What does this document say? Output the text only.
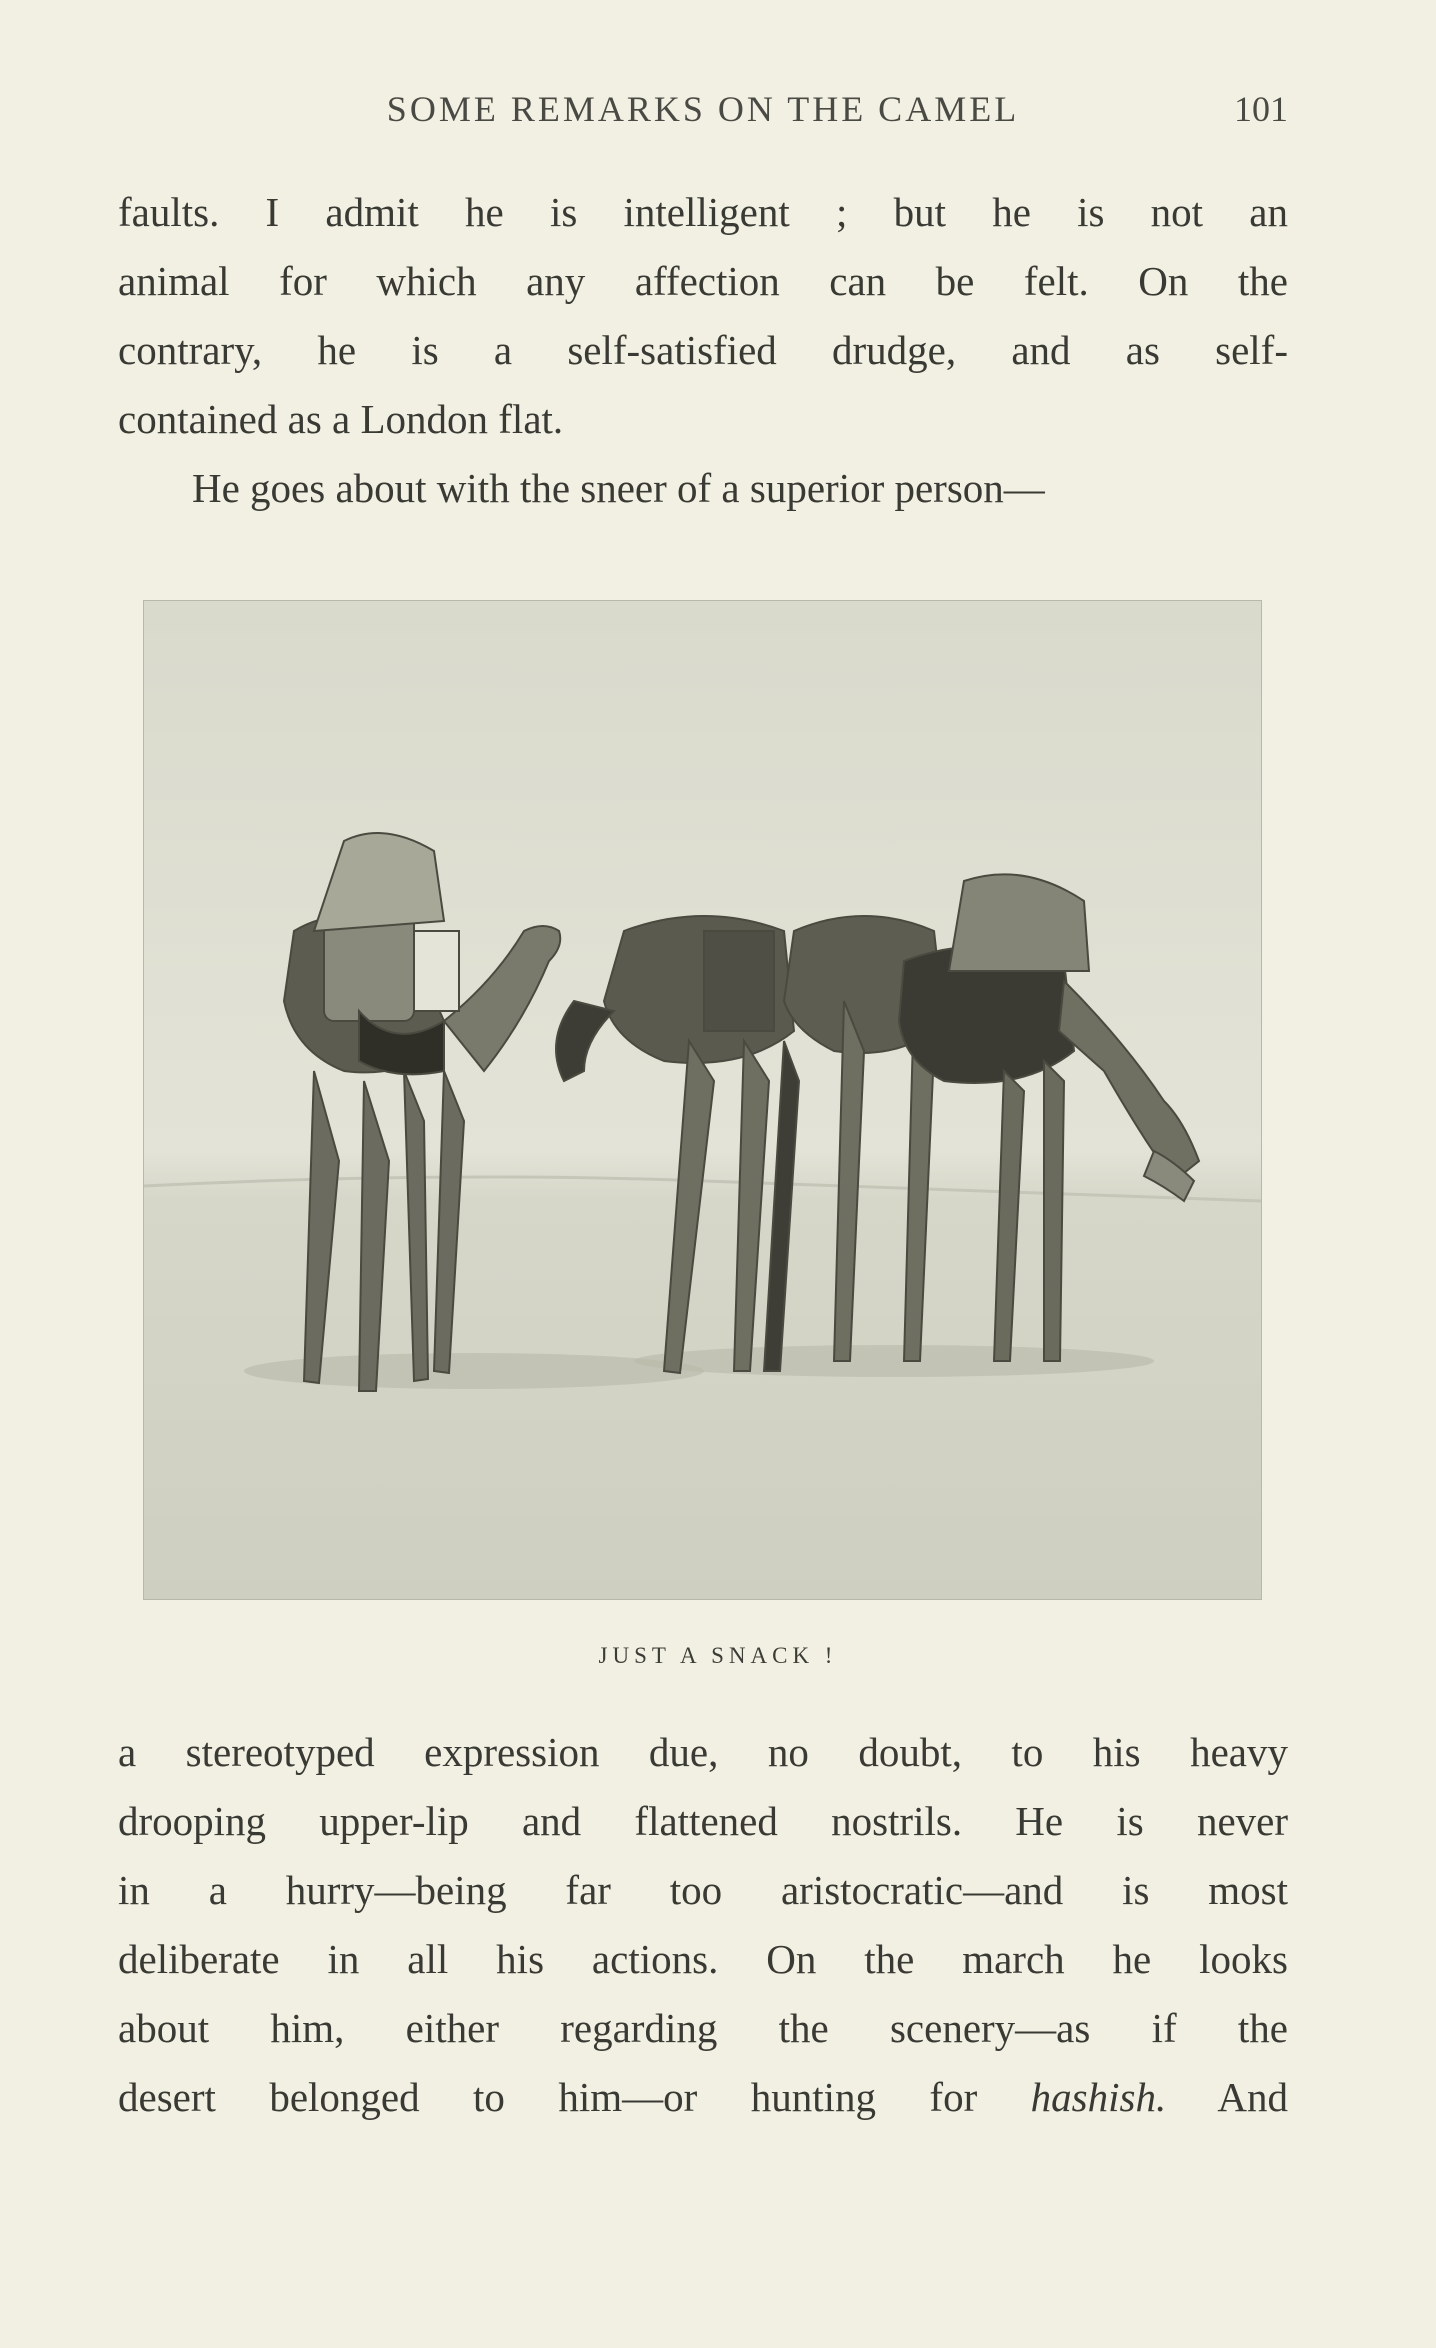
SOME REMARKS ON THE CAMEL	101
faults. I admit he is intelligent ; but he is not an
animal for which any affection can be felt. On the
contrary, he is a self-satisfied drudge, and as self-
contained as a London flat.
He goes about with the sneer of a superior person—
JUST A SNACK !
a stereotyped expression due, no doubt, to his heavy
drooping upper-lip and flattened nostrils. He is never
in a hurry—being far too aristocratic—and is most
deliberate in all his actions. On the march he looks
about him, either regarding the scenery—as if the
desert belonged to him—or hunting for hashish. And
